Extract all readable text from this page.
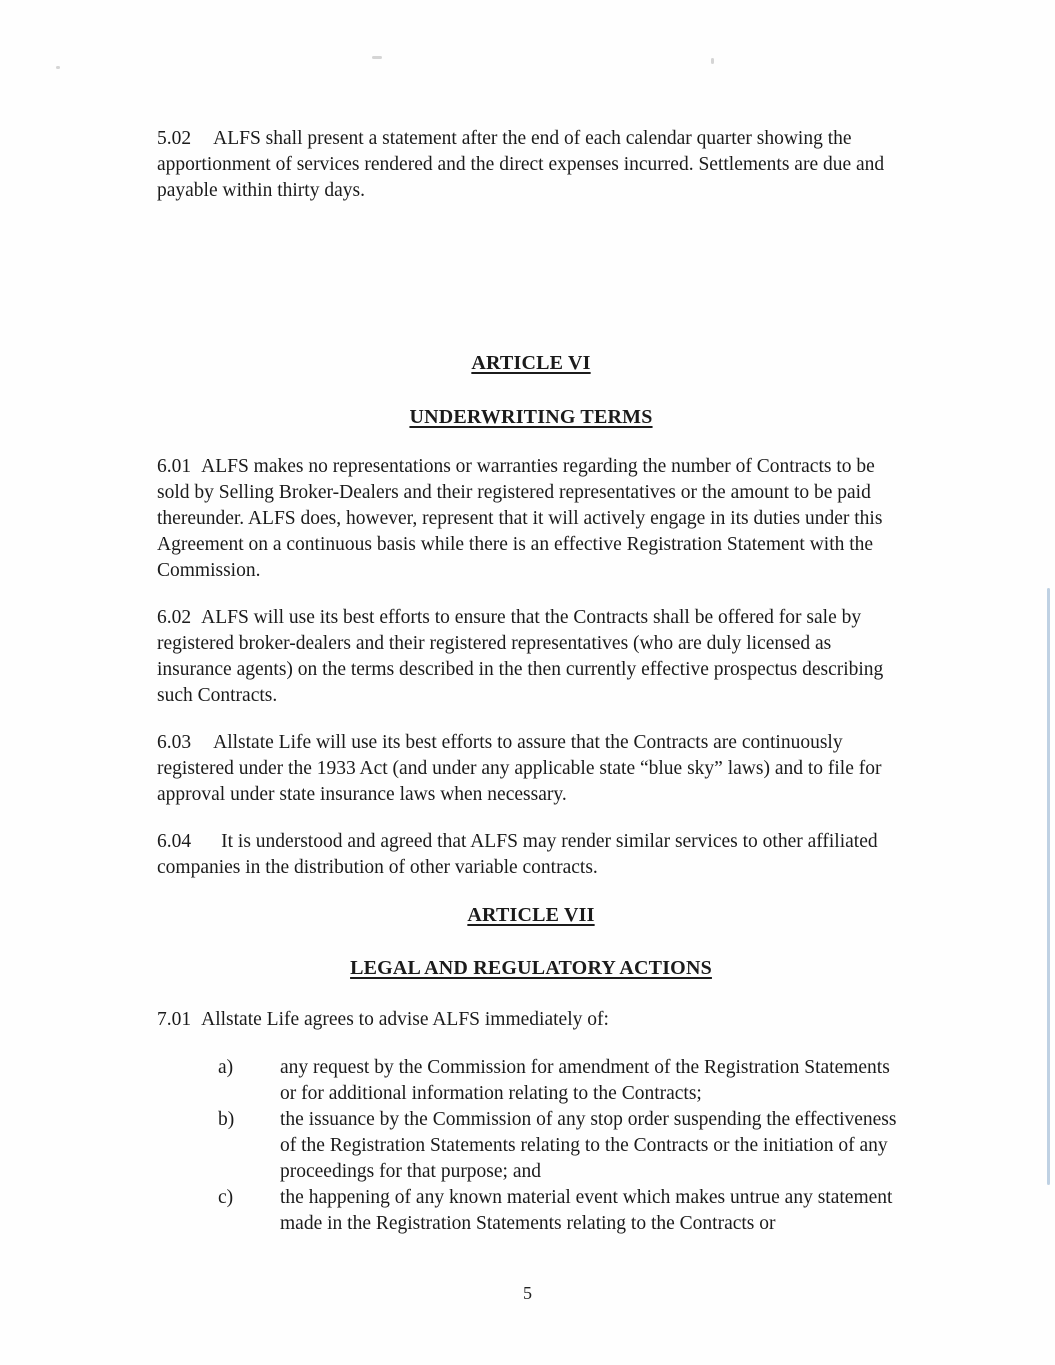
5.02 ALFS shall present a statement after the end of each calendar quarter showing the apportionment of services rendered and the direct expenses incurred. Settlements are due and payable within thirty days.
ARTICLE VI
UNDERWRITING TERMS
6.01 ALFS makes no representations or warranties regarding the number of Contracts to be sold by Selling Broker-Dealers and their registered representatives or the amount to be paid thereunder. ALFS does, however, represent that it will actively engage in its duties under this Agreement on a continuous basis while there is an effective Registration Statement with the Commission.
6.02 ALFS will use its best efforts to ensure that the Contracts shall be offered for sale by registered broker-dealers and their registered representatives (who are duly licensed as insurance agents) on the terms described in the then currently effective prospectus describing such Contracts.
6.03 Allstate Life will use its best efforts to assure that the Contracts are continuously registered under the 1933 Act (and under any applicable state “blue sky” laws) and to file for approval under state insurance laws when necessary.
6.04 It is understood and agreed that ALFS may render similar services to other affiliated companies in the distribution of other variable contracts.
ARTICLE VII
LEGAL AND REGULATORY ACTIONS
7.01 Allstate Life agrees to advise ALFS immediately of:
a)	any request by the Commission for amendment of the Registration Statements or for additional information relating to the Contracts;
b)	the issuance by the Commission of any stop order suspending the effectiveness of the Registration Statements relating to the Contracts or the initiation of any proceedings for that purpose; and
c)	the happening of any known material event which makes untrue any statement made in the Registration Statements relating to the Contracts or
5
